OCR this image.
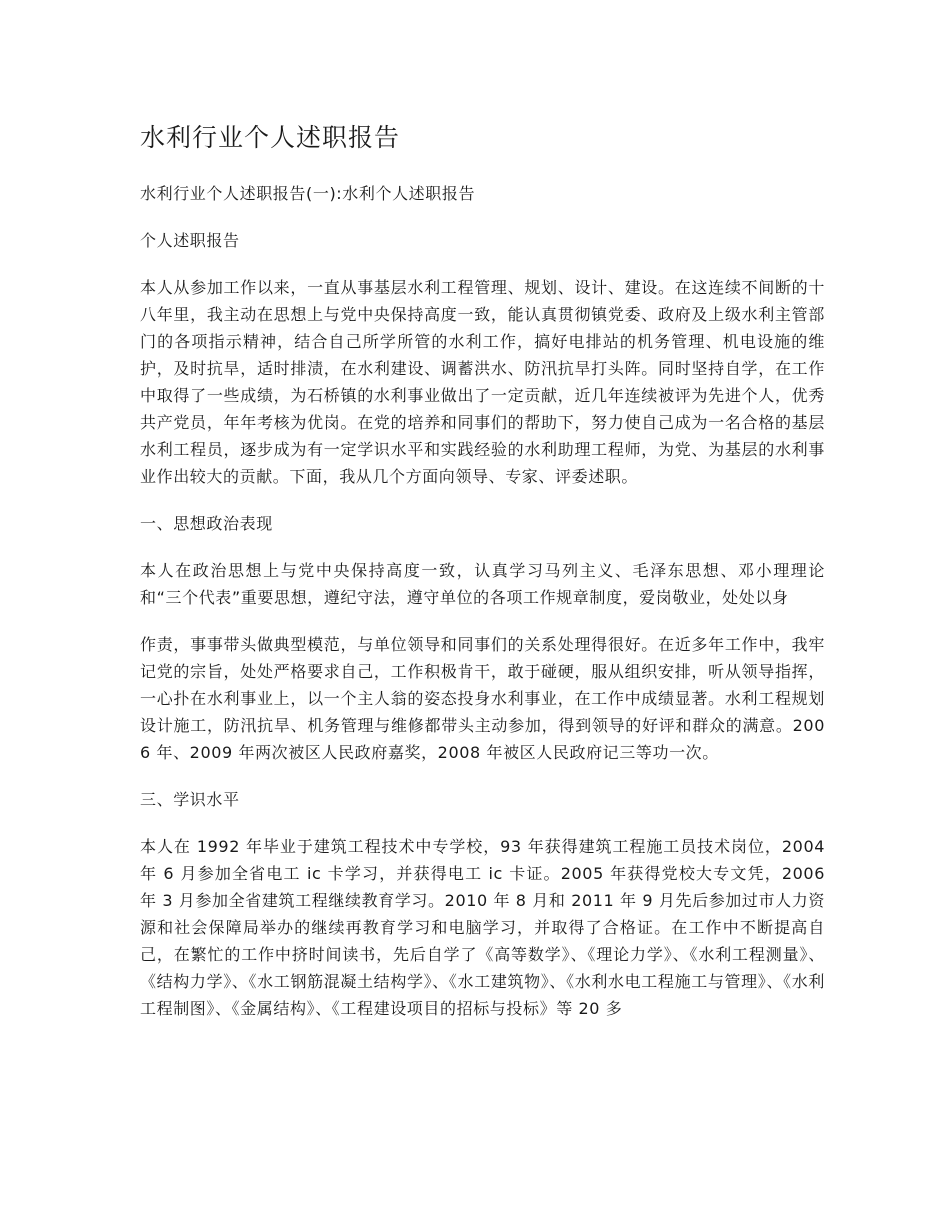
水利行业个人述职报告

水利行业个人述职报告(一):水利个人述职报告

个人述职报告

本人从参加工作以来，一直从事基层水利工程管理、规划、设计、建设。在这连续不间断的十八年里，我主动在思想上与党中央保持高度一致，能认真贯彻镇党委、政府及上级水利主管部门的各项指示精神，结合自己所学所管的水利工作，搞好电排站的机务管理、机电设施的维护，及时抗旱，适时排渍，在水利建设、调蓄洪水、防汛抗旱打头阵。同时坚持自学，在工作中取得了一些成绩，为石桥镇的水利事业做出了一定贡献，近几年连续被评为先进个人，优秀共产党员，年年考核为优岗。在党的培养和同事们的帮助下，努力使自己成为一名合格的基层水利工程员，逐步成为有一定学识水平和实践经验的水利助理工程师，为党、为基层的水利事业作出较大的贡献。下面，我从几个方面向领导、专家、评委述职。

一、思想政治表现

本人在政治思想上与党中央保持高度一致，认真学习马列主义、毛泽东思想、邓小理理论和“三个代表”重要思想，遵纪守法，遵守单位的各项工作规章制度，爱岗敬业，处处以身

作责，事事带头做典型模范，与单位领导和同事们的关系处理得很好。在近多年工作中，我牢记党的宗旨，处处严格要求自己，工作积极肯干，敢于碰硬，服从组织安排，听从领导指挥，一心扑在水利事业上，以一个主人翁的姿态投身水利事业，在工作中成绩显著。水利工程规划设计施工，防汛抗旱、机务管理与维修都带头主动参加，得到领导的好评和群众的满意。2006 年、2009 年两次被区人民政府嘉奖，2008 年被区人民政府记三等功一次。

三、学识水平

本人在 1992 年毕业于建筑工程技术中专学校，93 年获得建筑工程施工员技术岗位，2004 年 6 月参加全省电工 ic 卡学习，并获得电工 ic 卡证。2005 年获得党校大专文凭，2006 年 3 月参加全省建筑工程继续教育学习。2010 年 8 月和 2011 年 9 月先后参加过市人力资源和社会保障局举办的继续再教育学习和电脑学习，并取得了合格证。在工作中不断提高自己，在繁忙的工作中挤时间读书，先后自学了《高等数学》、《理论力学》、《水利工程测量》、《结构力学》、《水工钢筋混凝土结构学》、《水工建筑物》、《水利水电工程施工与管理》、《水利工程制图》、《金属结构》、《工程建设项目的招标与投标》等 20 多
